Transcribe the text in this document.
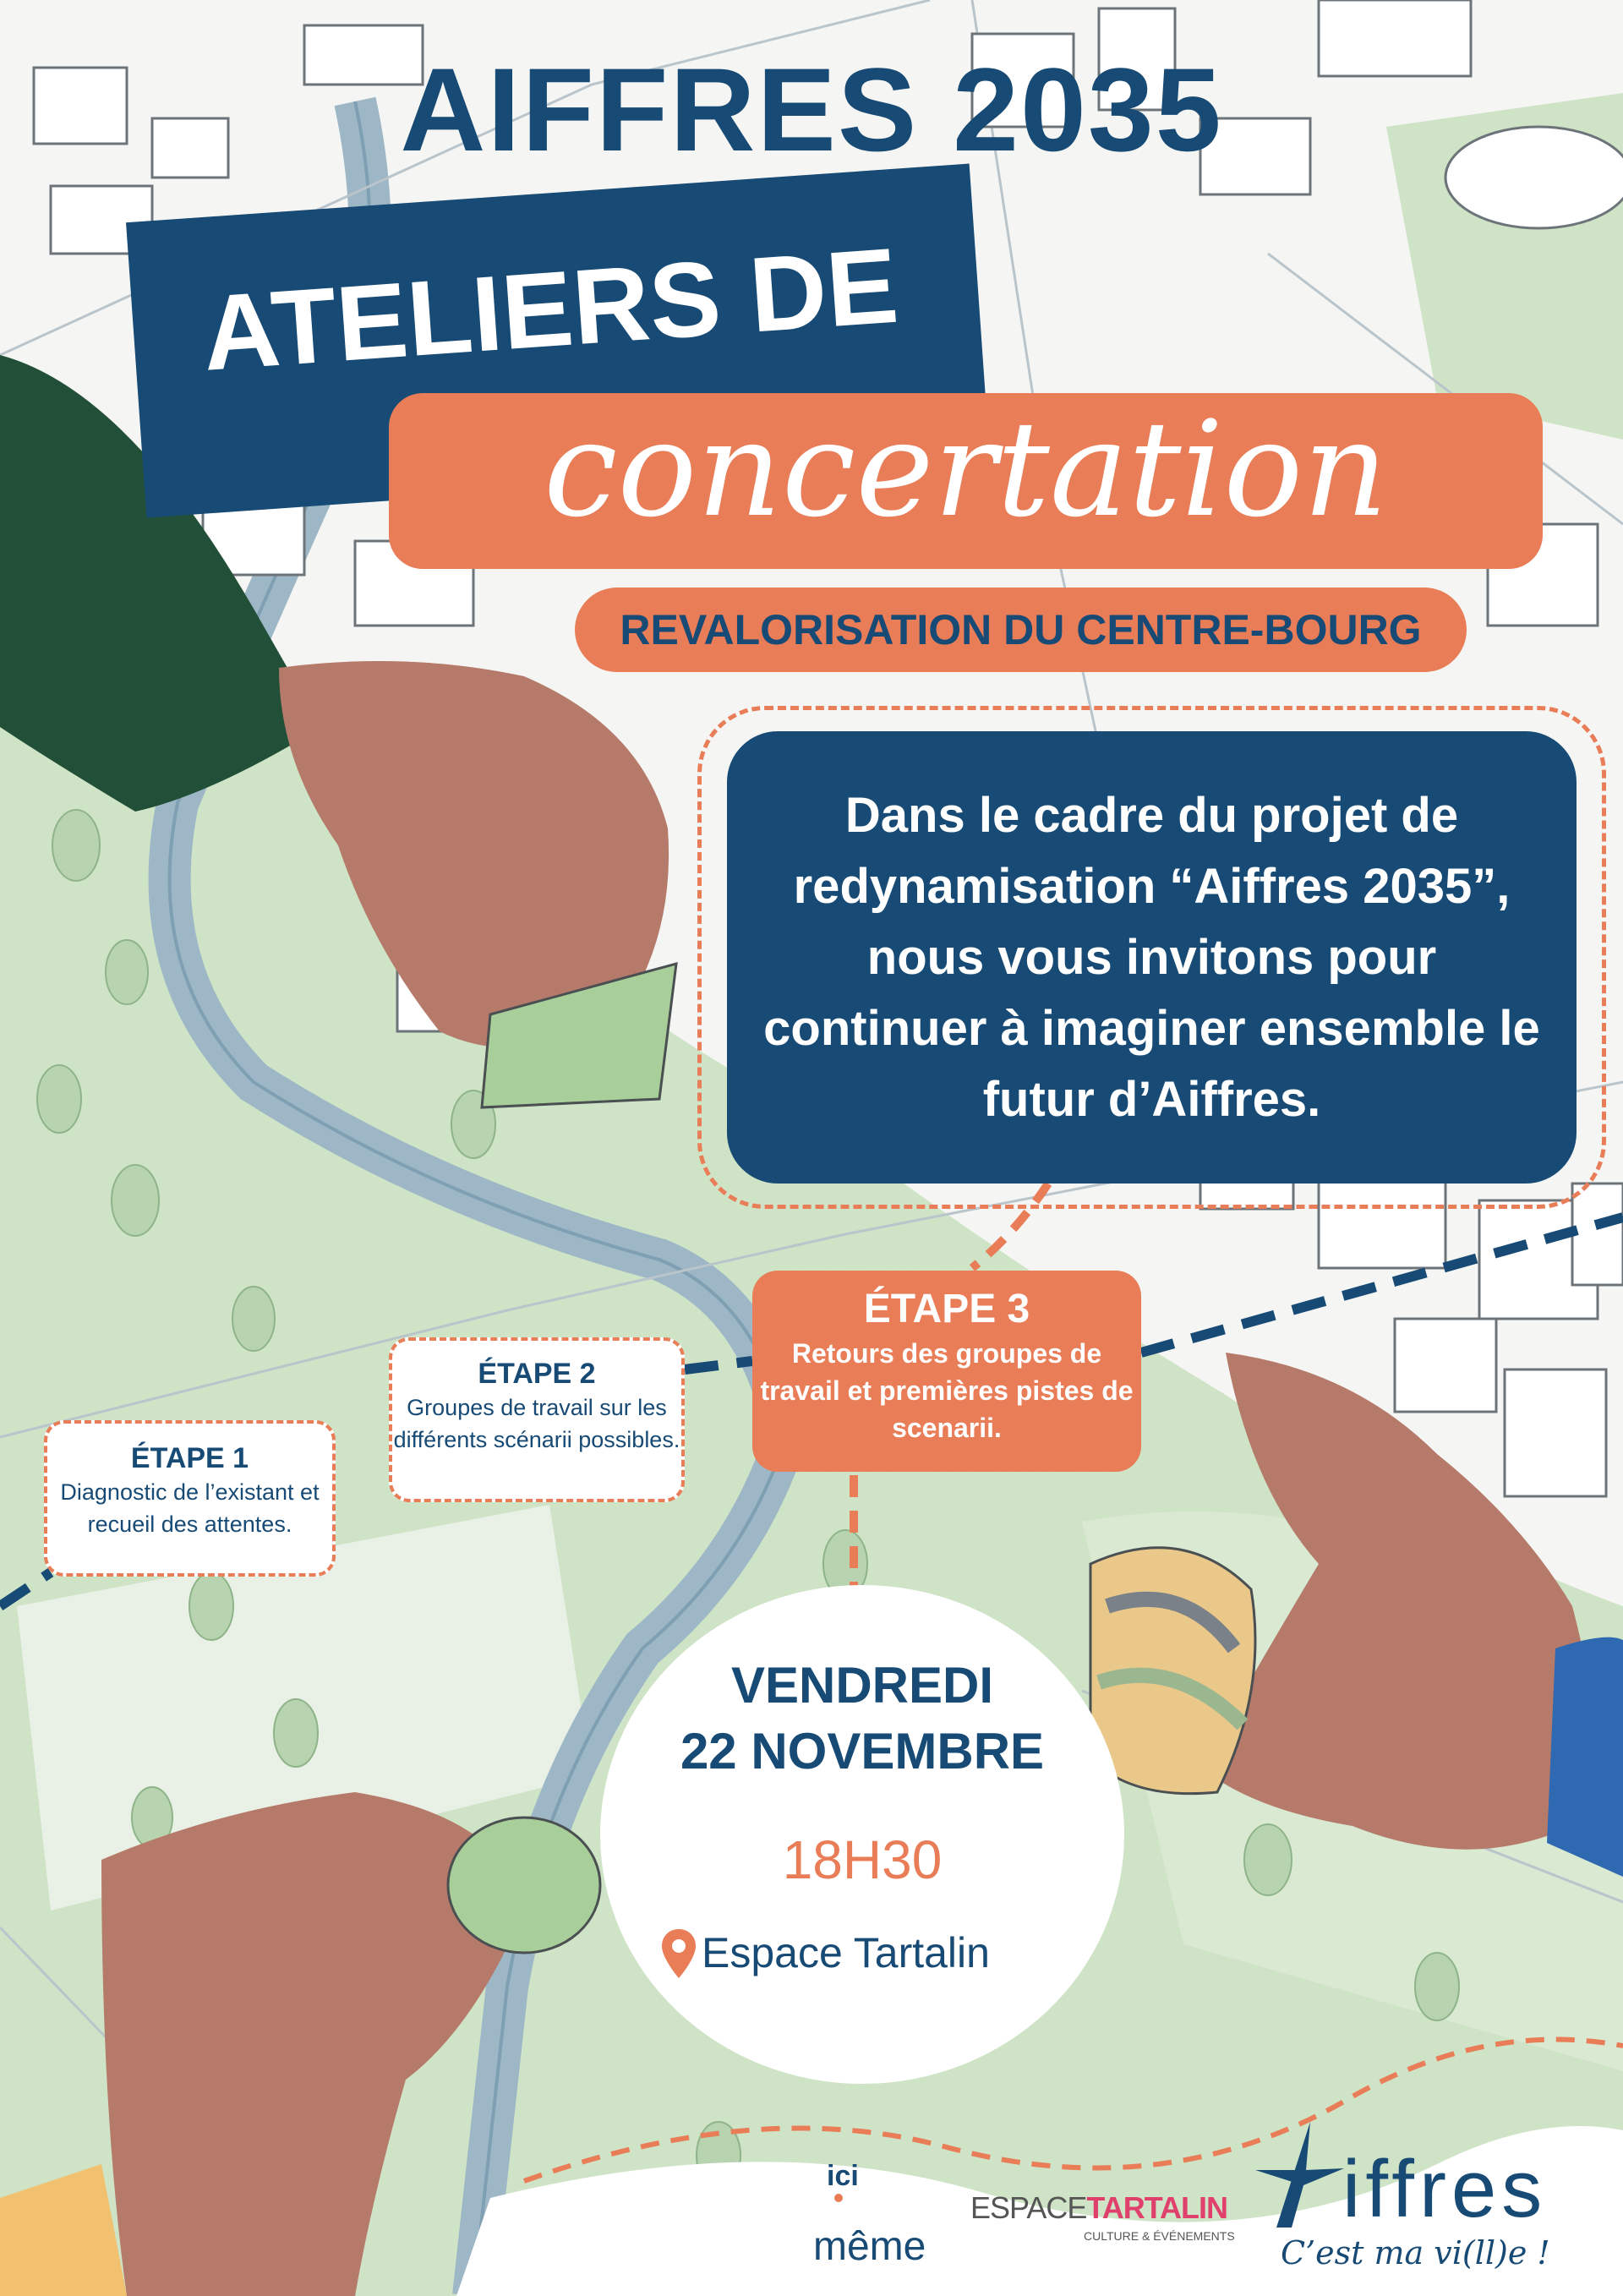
AIFFRES 2035
ATELIERS DE
concertation
REVALORISATION DU CENTRE-BOURG
Dans le cadre du projet de redynamisation “Aiffres 2035”, nous vous invitons pour continuer à imaginer ensemble le futur d’Aiffres.
ÉTAPE 1
Diagnostic de l’existant et recueil des attentes.
ÉTAPE 2
Groupes de travail sur les différents scénarii possibles.
ÉTAPE 3
Retours des groupes de travail et premières pistes de scenarii.
VENDREDI
22 NOVEMBRE
18H30
Espace Tartalin
ici
même
ESPACETARTALIN
CULTURE & ÉVÉNEMENTS
iffres
C’est ma vi(ll)e !
